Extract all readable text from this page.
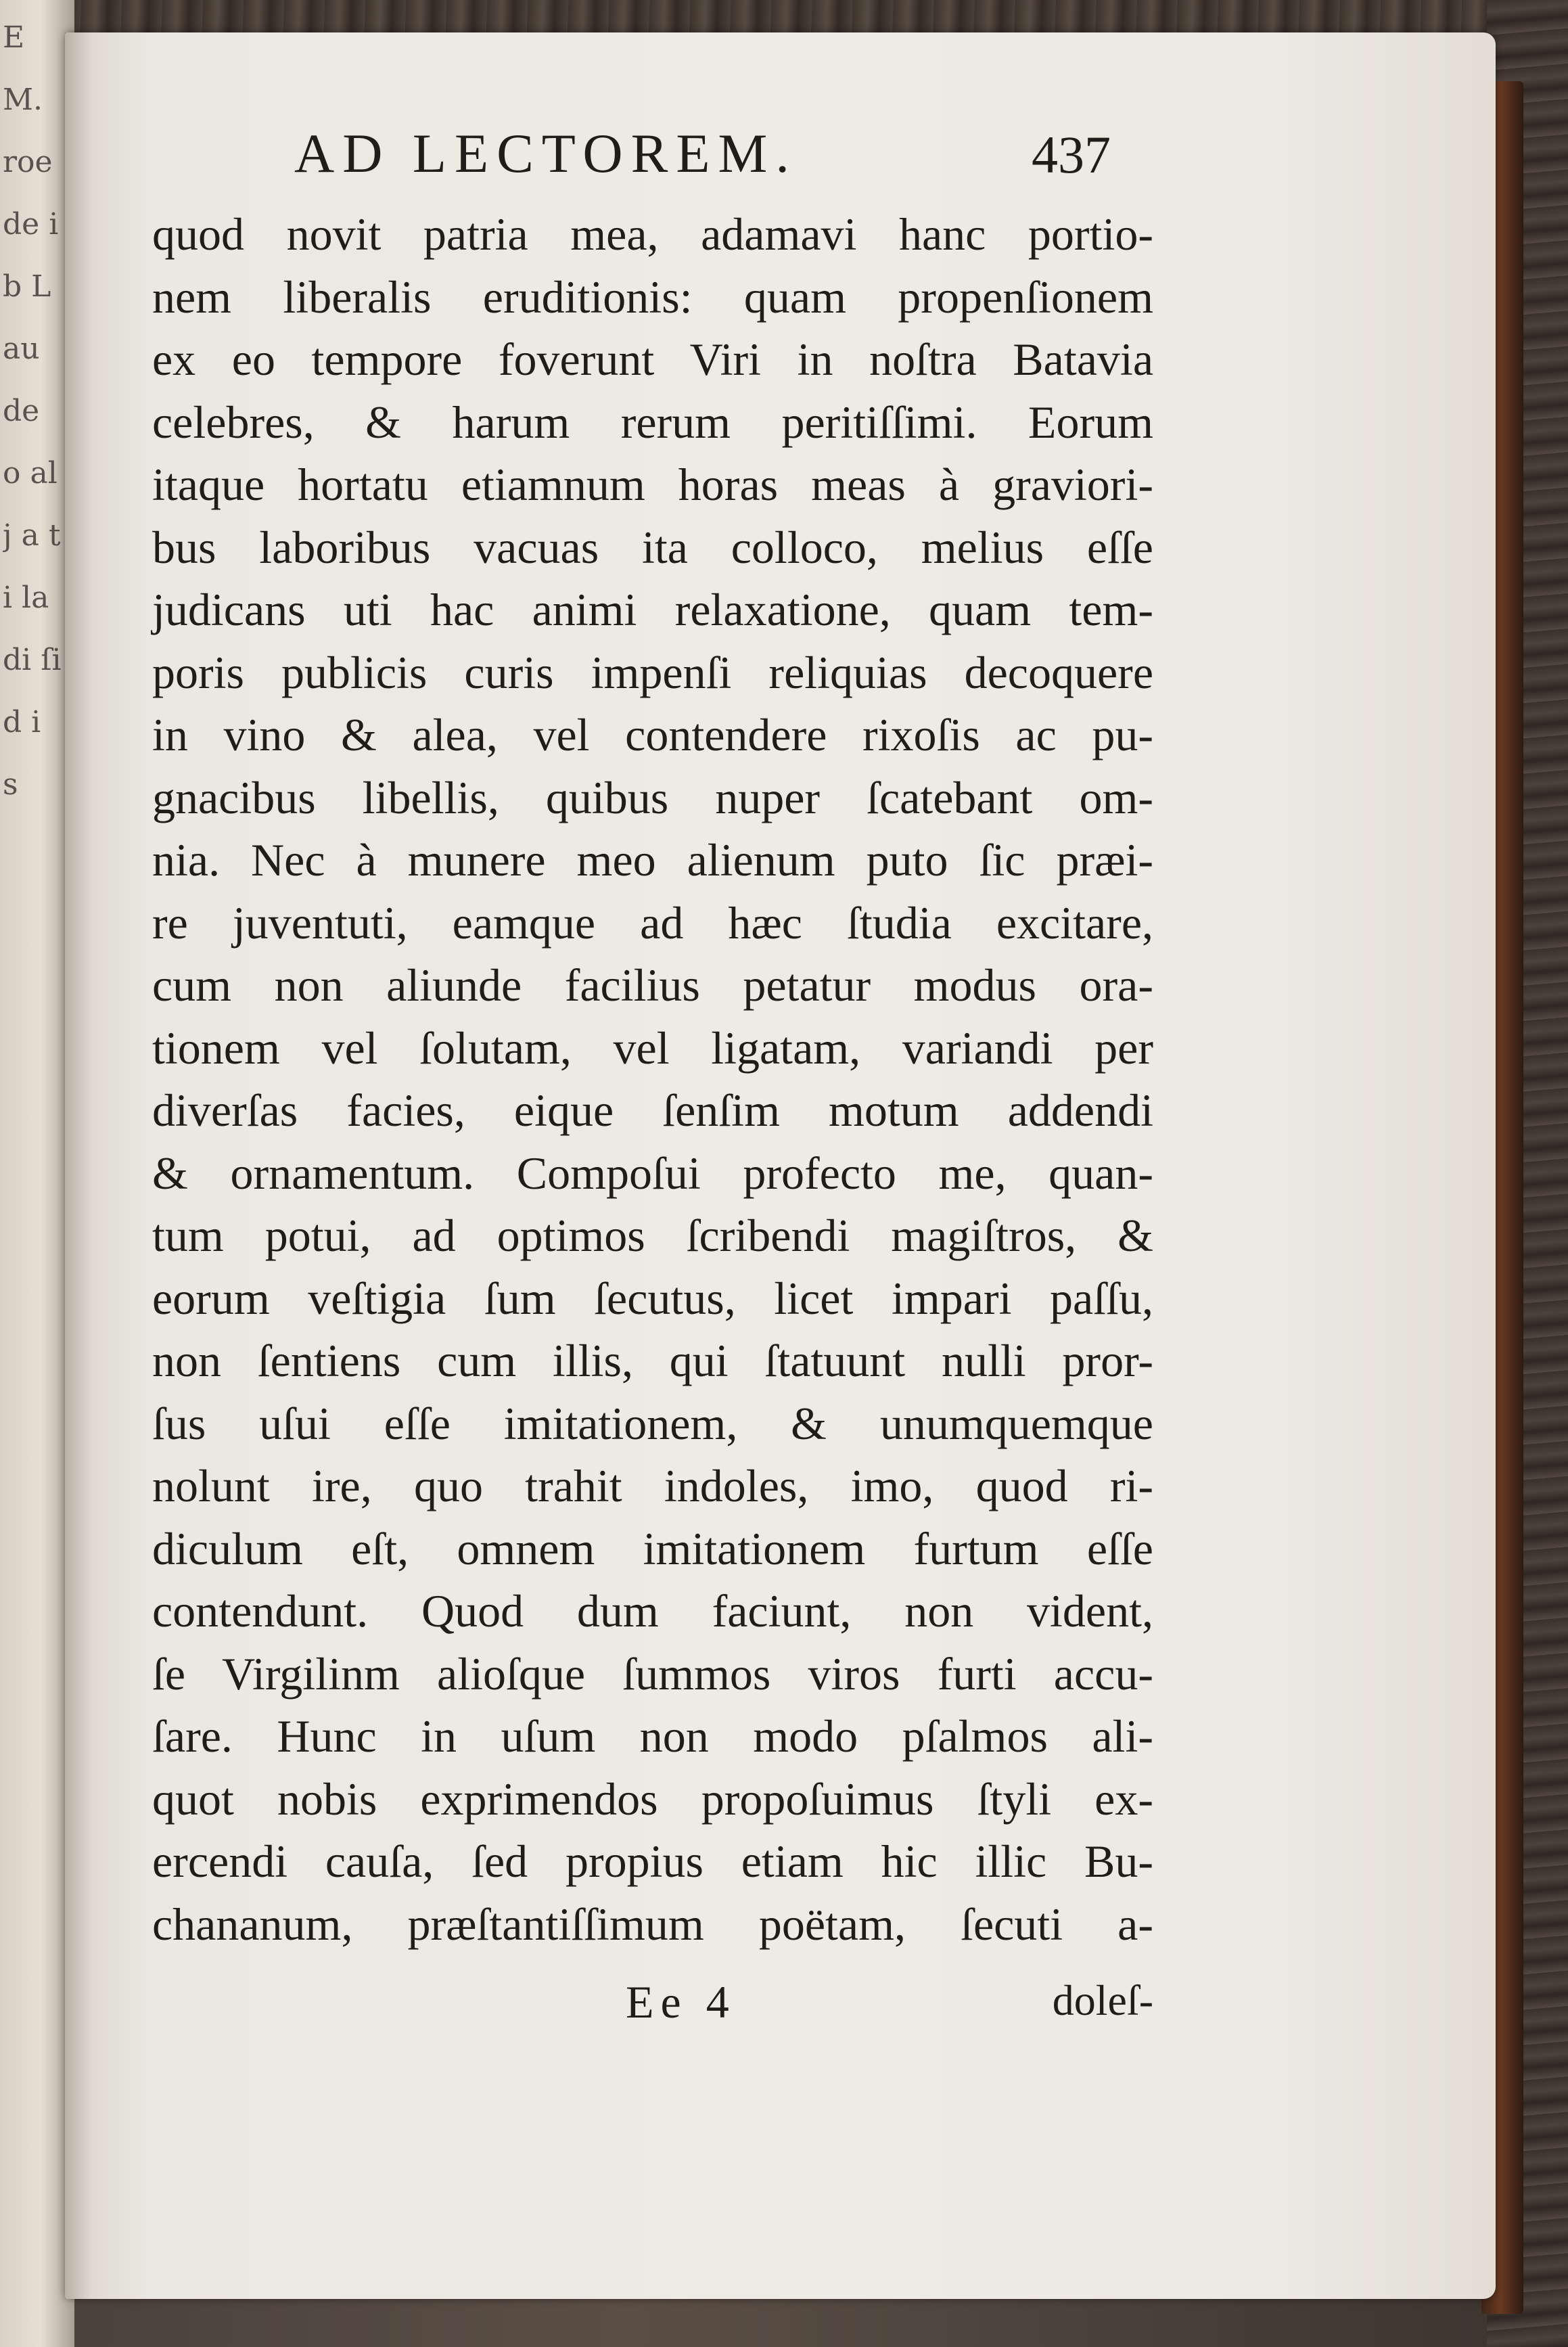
E M. roe de ib Lau de o alj a ti la di ſi d i s
AD LECTOREM.	437
quod novit patria mea, adamavi hanc portio-
nem liberalis eruditionis: quam propenſionem
ex eo tempore foverunt Viri in noſtra Batavia
celebres, & harum rerum peritiſſimi. Eorum
itaque hortatu etiamnum horas meas à graviori-
bus laboribus vacuas ita colloco, melius eſſe
judicans uti hac animi relaxatione, quam tem-
poris publicis curis impenſi reliquias decoquere
in vino & alea, vel contendere rixoſis ac pu-
gnacibus libellis, quibus nuper ſcatebant om-
nia. Nec à munere meo alienum puto ſic præi-
re juventuti, eamque ad hæc ſtudia excitare,
cum non aliunde facilius petatur modus ora-
tionem vel ſolutam, vel ligatam, variandi per
diverſas facies, eique ſenſim motum addendi
& ornamentum. Compoſui profecto me, quan-
tum potui, ad optimos ſcribendi magiſtros, &
eorum veſtigia ſum ſecutus, licet impari paſſu,
non ſentiens cum illis, qui ſtatuunt nulli pror-
ſus uſui eſſe imitationem, & unumquemque
nolunt ire, quo trahit indoles, imo, quod ri-
diculum eſt, omnem imitationem furtum eſſe
contendunt. Quod dum faciunt, non vident,
ſe Virgilinm alioſque ſummos viros furti accu-
ſare. Hunc in uſum non modo pſalmos ali-
quot nobis exprimendos propoſuimus ſtyli ex-
ercendi cauſa, ſed propius etiam hic illic Bu-
chananum, præſtantiſſimum poëtam, ſecuti a-
Ee 4	doleſ-
